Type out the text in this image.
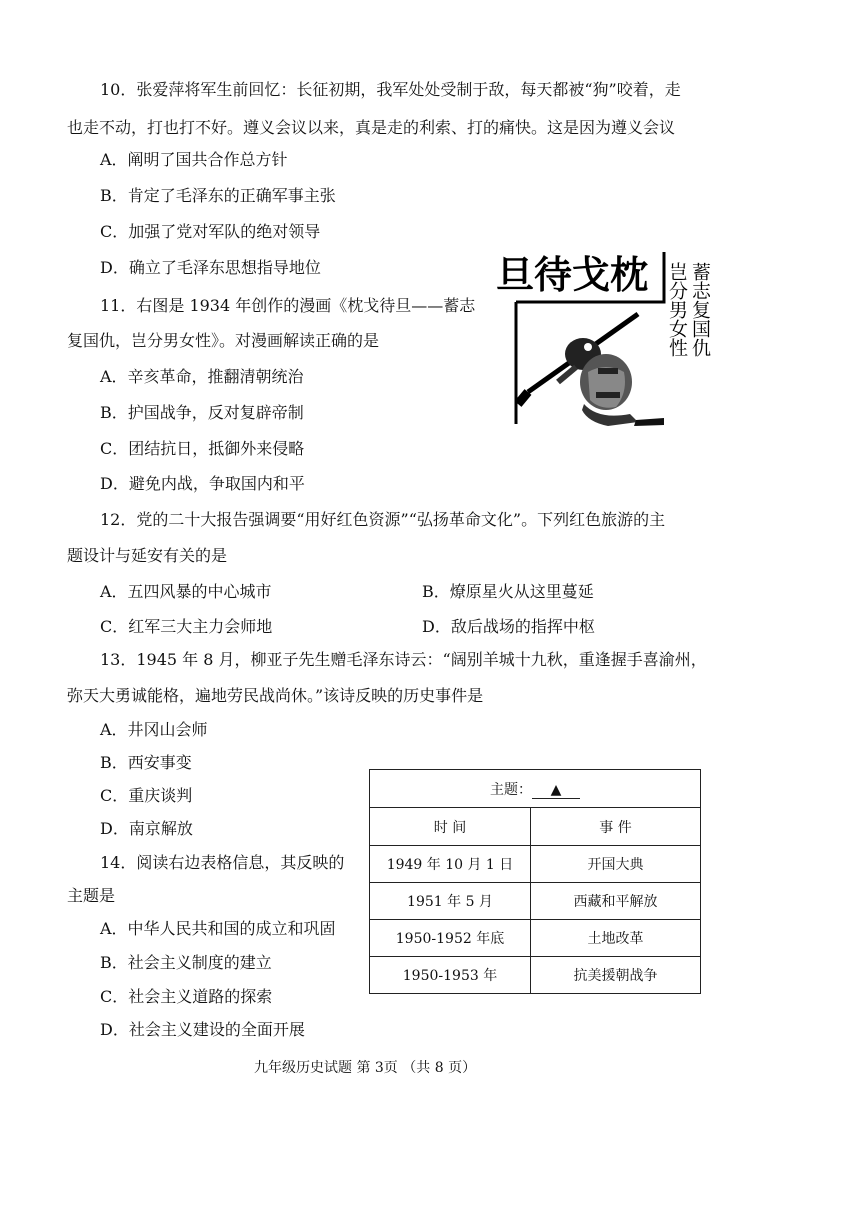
10．张爱萍将军生前回忆：长征初期，我军处处受制于敌，每天都被“狗”咬着，走
也走不动，打也打不好。遵义会议以来，真是走的利索、打的痛快。这是因为遵义会议
A．阐明了国共合作总方针
B．肯定了毛泽东的正确军事主张
C．加强了党对军队的绝对领导
D．确立了毛泽东思想指导地位
11．右图是 1934 年创作的漫画《枕戈待旦——蓄志
复国仇，岂分男女性》。对漫画解读正确的是
A．辛亥革命，推翻清朝统治
B．护国战争，反对复辟帝制
C．团结抗日，抵御外来侵略
D．避免内战，争取国内和平
旦待戈枕 蓄志复国仇
岂分男女性
12．党的二十大报告强调要“用好红色资源”“弘扬革命文化”。下列红色旅游的主
题设计与延安有关的是
A．五四风暴的中心城市	B．燎原星火从这里蔓延
C．红军三大主力会师地	D．敌后战场的指挥中枢
13．1945 年 8 月，柳亚子先生赠毛泽东诗云：“阔别羊城十九秋，重逢握手喜渝州，
弥天大勇诚能格，遍地劳民战尚休。”该诗反映的历史事件是
A．井冈山会师
B．西安事变
C．重庆谈判
D．南京解放
14．阅读右边表格信息，其反映的
主题是
A．中华人民共和国的成立和巩固
B．社会主义制度的建立
C．社会主义道路的探索
D．社会主义建设的全面开展
主题： ▲	
时 间	事 件
1949 年 10 月 1 日	开国大典
1951 年 5 月	西藏和平解放
1950-1952 年底	土地改革
1950-1953 年	抗美援朝战争
九年级历史试题 第 3页 （共 8 页）
